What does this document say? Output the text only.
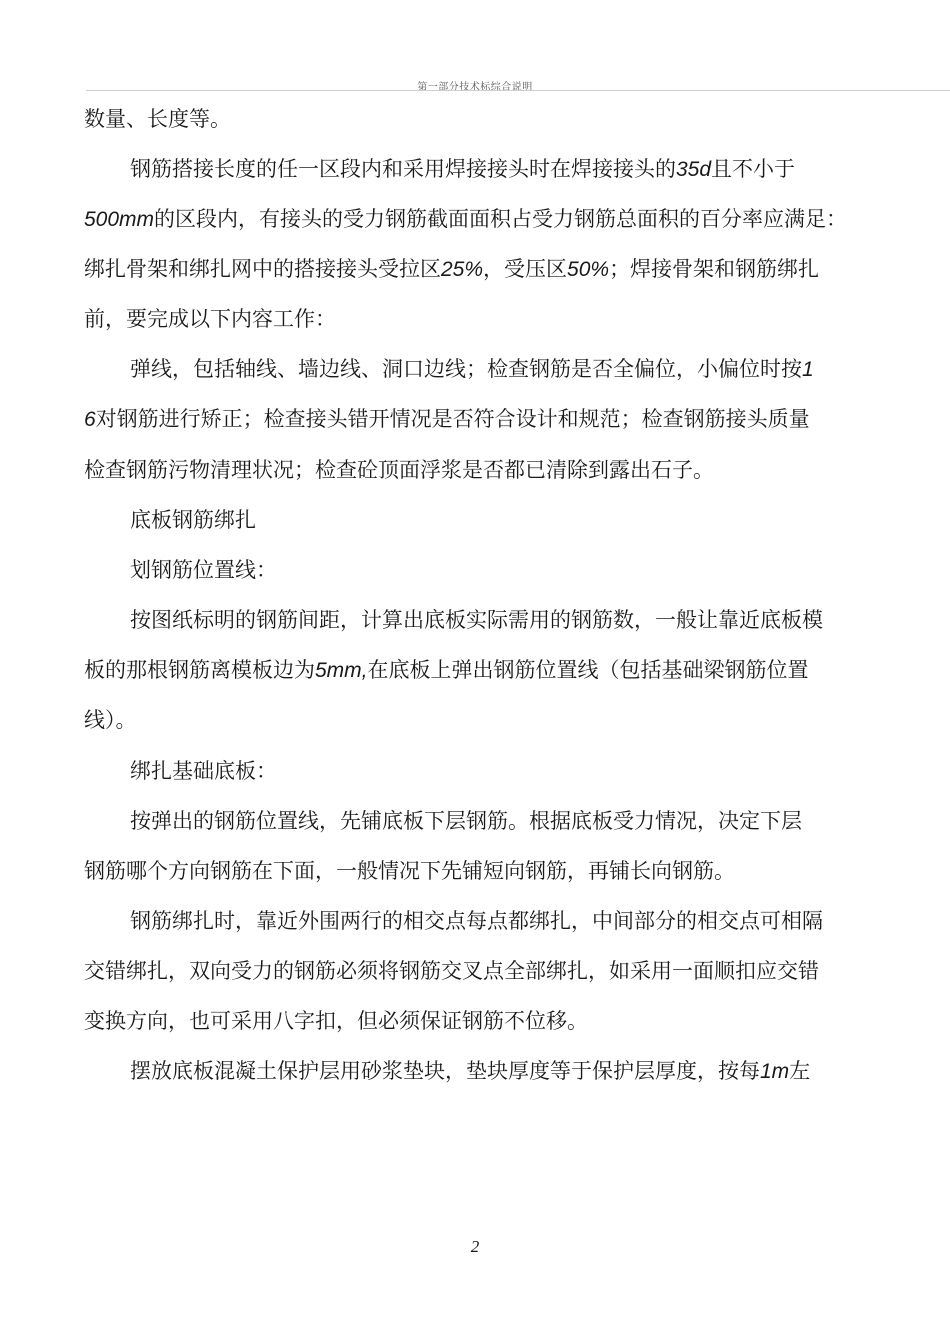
第一部分技术标综合说明
数量、长度等。
钢筋搭接长度的任一区段内和采用焊接接头时在焊接接头的35d且不小于
500mm的区段内，有接头的受力钢筋截面面积占受力钢筋总面积的百分率应满足：
绑扎骨架和绑扎网中的搭接接头受拉区25%，受压区50%；焊接骨架和钢筋绑扎
前，要完成以下内容工作：
弹线，包括轴线、墙边线、洞口边线；检查钢筋是否全偏位，小偏位时按1
6对钢筋进行矫正；检查接头错开情况是否符合设计和规范；检查钢筋接头质量
检查钢筋污物清理状况；检查砼顶面浮浆是否都已清除到露出石子。
底板钢筋绑扎
划钢筋位置线：
按图纸标明的钢筋间距，计算出底板实际需用的钢筋数，一般让靠近底板模
板的那根钢筋离模板边为5mm,在底板上弹出钢筋位置线（包括基础梁钢筋位置
线）。
绑扎基础底板：
按弹出的钢筋位置线，先铺底板下层钢筋。根据底板受力情况，决定下层
钢筋哪个方向钢筋在下面，一般情况下先铺短向钢筋，再铺长向钢筋。
钢筋绑扎时，靠近外围两行的相交点每点都绑扎，中间部分的相交点可相隔
交错绑扎，双向受力的钢筋必须将钢筋交叉点全部绑扎，如采用一面顺扣应交错
变换方向，也可采用八字扣，但必须保证钢筋不位移。
摆放底板混凝土保护层用砂浆垫块，垫块厚度等于保护层厚度，按每1m左
2
